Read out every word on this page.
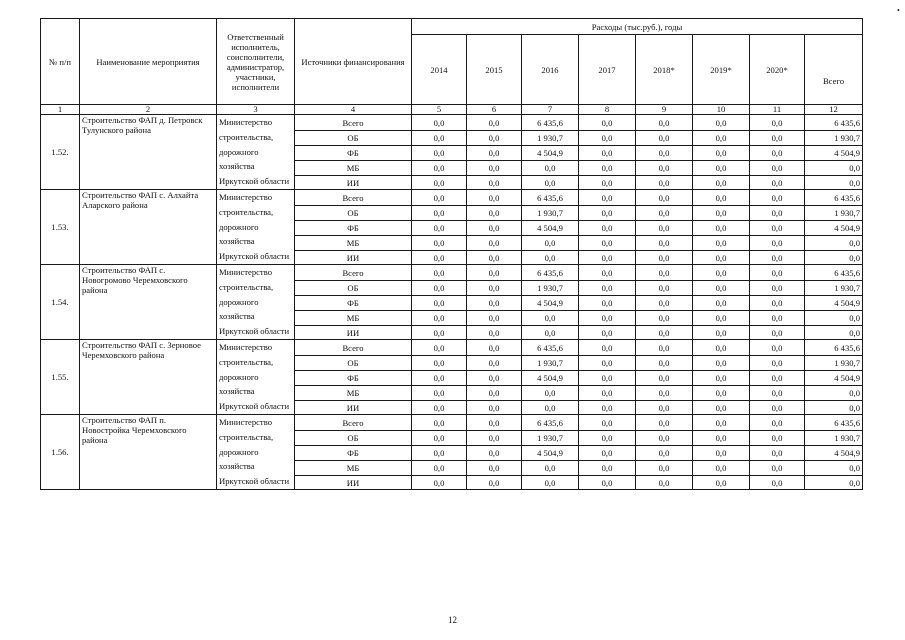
•
№ п/п	Наименование мероприятия	Ответственный исполнитель, соисполнители, администратор, участники, исполнители	Источники финансирования	Расходы (тыс.руб.), годы							
				2014	2015	2016	2017	2018*	2019*	2020*	Всего
1	2	3	4	5	6	7	8	9	10	11	12
1.52.	Строительство ФАП д. Петровск Тулунского района	Министерство строительства, дорожного хозяйства Иркутской области	Всего	0,0	0,0	6 435,6	0,0	0,0	0,0	0,0	6 435,6
			ОБ	0,0	0,0	1 930,7	0,0	0,0	0,0	0,0	1 930,7
			ФБ	0,0	0,0	4 504,9	0,0	0,0	0,0	0,0	4 504,9
			МБ	0,0	0,0	0,0	0,0	0,0	0,0	0,0	0,0
			ИИ	0,0	0,0	0,0	0,0	0,0	0,0	0,0	0,0
1.53.	Строительство ФАП с. Алхайта Аларского района	Министерство строительства, дорожного хозяйства Иркутской области	Всего	0,0	0,0	6 435,6	0,0	0,0	0,0	0,0	6 435,6
			ОБ	0,0	0,0	1 930,7	0,0	0,0	0,0	0,0	1 930,7
			ФБ	0,0	0,0	4 504,9	0,0	0,0	0,0	0,0	4 504,9
			МБ	0,0	0,0	0,0	0,0	0,0	0,0	0,0	0,0
			ИИ	0,0	0,0	0,0	0,0	0,0	0,0	0,0	0,0
1.54.	Строительство ФАП с. Новогромово Черемховского района	Министерство строительства, дорожного хозяйства Иркутской области	Всего	0,0	0,0	6 435,6	0,0	0,0	0,0	0,0	6 435,6
			ОБ	0,0	0,0	1 930,7	0,0	0,0	0,0	0,0	1 930,7
			ФБ	0,0	0,0	4 504,9	0,0	0,0	0,0	0,0	4 504,9
			МБ	0,0	0,0	0,0	0,0	0,0	0,0	0,0	0,0
			ИИ	0,0	0,0	0,0	0,0	0,0	0,0	0,0	0,0
1.55.	Строительство ФАП с. Зерновое Черемховского района	Министерство строительства, дорожного хозяйства Иркутской области	Всего	0,0	0,0	6 435,6	0,0	0,0	0,0	0,0	6 435,6
			ОБ	0,0	0,0	1 930,7	0,0	0,0	0,0	0,0	1 930,7
			ФБ	0,0	0,0	4 504,9	0,0	0,0	0,0	0,0	4 504,9
			МБ	0,0	0,0	0,0	0,0	0,0	0,0	0,0	0,0
			ИИ	0,0	0,0	0,0	0,0	0,0	0,0	0,0	0,0
1.56.	Строительство ФАП п. Новостройка Черемховского района	Министерство строительства, дорожного хозяйства Иркутской области	Всего	0,0	0,0	6 435,6	0,0	0,0	0,0	0,0	6 435,6
			ОБ	0,0	0,0	1 930,7	0,0	0,0	0,0	0,0	1 930,7
			ФБ	0,0	0,0	4 504,9	0,0	0,0	0,0	0,0	4 504,9
			МБ	0,0	0,0	0,0	0,0	0,0	0,0	0,0	0,0
			ИИ	0,0	0,0	0,0	0,0	0,0	0,0	0,0	0,0
12
